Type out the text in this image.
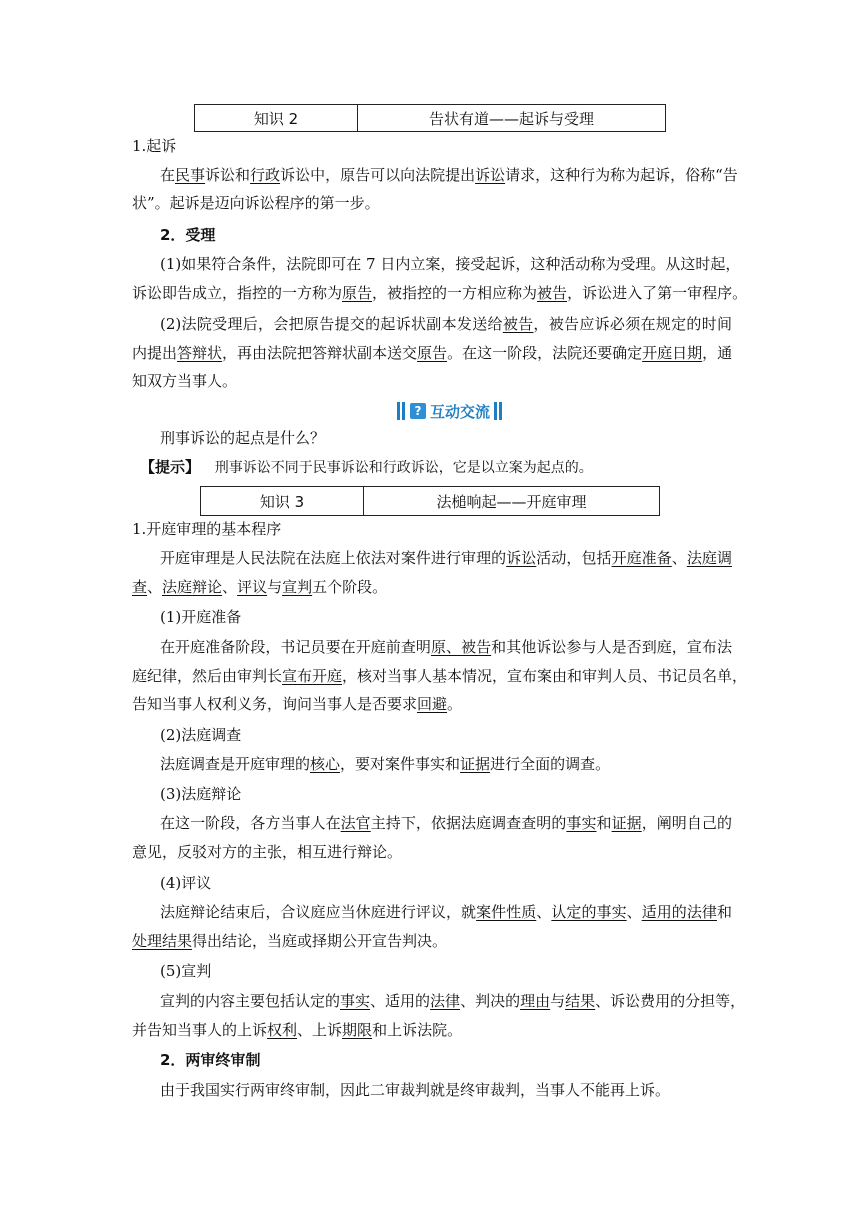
知识 2	告状有道——起诉与受理
1.起诉
在民事诉讼和行政诉讼中，原告可以向法院提出诉讼请求，这种行为称为起诉，俗称“告
状”。起诉是迈向诉讼程序的第一步。
2．受理
(1)如果符合条件，法院即可在 7 日内立案，接受起诉，这种活动称为受理。从这时起，
诉讼即告成立，指控的一方称为原告，被指控的一方相应称为被告，诉讼进入了第一审程序。
(2)法院受理后，会把原告提交的起诉状副本发送给被告，被告应诉必须在规定的时间
内提出答辩状，再由法院把答辩状副本送交原告。在这一阶段，法院还要确定开庭日期，通
知双方当事人。
? 互动交流
刑事诉讼的起点是什么？
【提示】 刑事诉讼不同于民事诉讼和行政诉讼，它是以立案为起点的。
知识 3	法槌响起——开庭审理
1.开庭审理的基本程序
开庭审理是人民法院在法庭上依法对案件进行审理的诉讼活动，包括开庭准备、法庭调
查、法庭辩论、评议与宣判五个阶段。
(1)开庭准备
在开庭准备阶段，书记员要在开庭前查明原、被告和其他诉讼参与人是否到庭，宣布法
庭纪律，然后由审判长宣布开庭，核对当事人基本情况，宣布案由和审判人员、书记员名单，
告知当事人权利义务，询问当事人是否要求回避。
(2)法庭调查
法庭调查是开庭审理的核心，要对案件事实和证据进行全面的调查。
(3)法庭辩论
在这一阶段，各方当事人在法官主持下，依据法庭调查查明的事实和证据，阐明自己的
意见，反驳对方的主张，相互进行辩论。
(4)评议
法庭辩论结束后，合议庭应当休庭进行评议，就案件性质、认定的事实、适用的法律和
处理结果得出结论，当庭或择期公开宣告判决。
(5)宣判
宣判的内容主要包括认定的事实、适用的法律、判决的理由与结果、诉讼费用的分担等，
并告知当事人的上诉权利、上诉期限和上诉法院。
2．两审终审制
由于我国实行两审终审制，因此二审裁判就是终审裁判，当事人不能再上诉。
